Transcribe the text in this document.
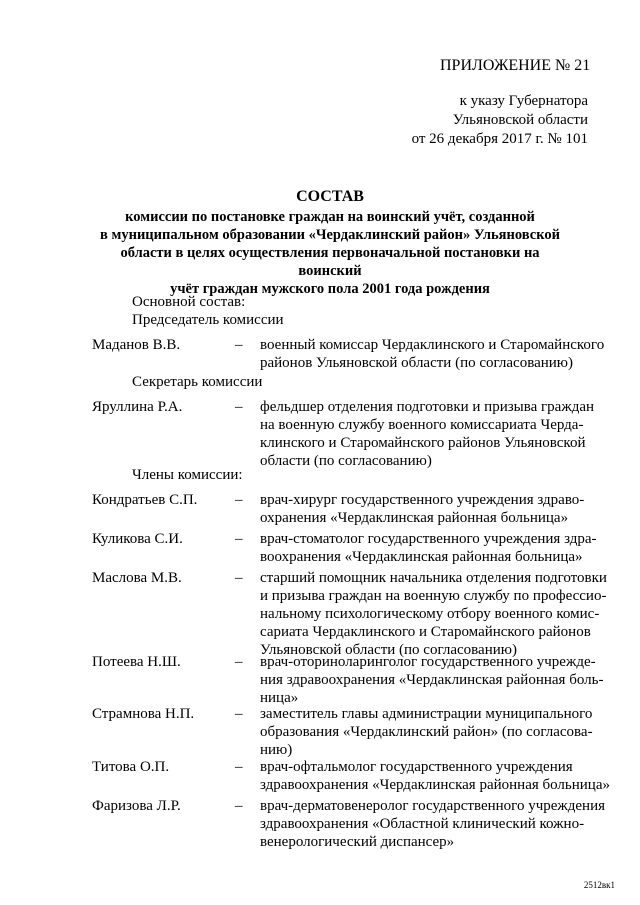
ПРИЛОЖЕНИЕ № 21
к указу Губернатора
Ульяновской области
от 26 декабря 2017 г. № 101
СОСТАВ
комиссии по постановке граждан на воинский учёт, созданной
в муниципальном образовании «Чердаклинский район» Ульяновской
области в целях осуществления первоначальной постановки на воинский
учёт граждан мужского пола 2001 года рождения
Основной состав:
Председатель комиссии
Маданов В.В.	– военный комиссар Чердаклинского и Старомайнского
районов Ульяновской области (по согласованию)
Секретарь комиссии
Яруллина Р.А.	– фельдшер отделения подготовки и призыва граждан
на военную службу военного комиссариата Черда-
клинского и Старомайнского районов Ульяновской
области (по согласованию)
Члены комиссии:
Кондратьев С.П.	– врач-хирург государственного учреждения здраво-
охранения «Чердаклинская районная больница»
Куликова С.И.	– врач-стоматолог государственного учреждения здра-
воохранения «Чердаклинская районная больница»
Маслова М.В.	– старший помощник начальника отделения подготовки
и призыва граждан на военную службу по профессио-
нальному психологическому отбору военного комис-
сариата Чердаклинского и Старомайнского районов
Ульяновской области (по согласованию)
Потеева Н.Ш.	– врач-оториноларинголог государственного учрежде-
ния здравоохранения «Чердаклинская районная боль-
ница»
Страмнова Н.П.	– заместитель главы администрации муниципального
образования «Чердаклинский район» (по согласова-
нию)
Титова О.П.	– врач-офтальмолог государственного учреждения
здравоохранения «Чердаклинская районная больница»
Фаризова Л.Р.	– врач-дерматовенеролог государственного учреждения
здравоохранения «Областной клинический кожно-
венерологический диспансер»
2512вк1
